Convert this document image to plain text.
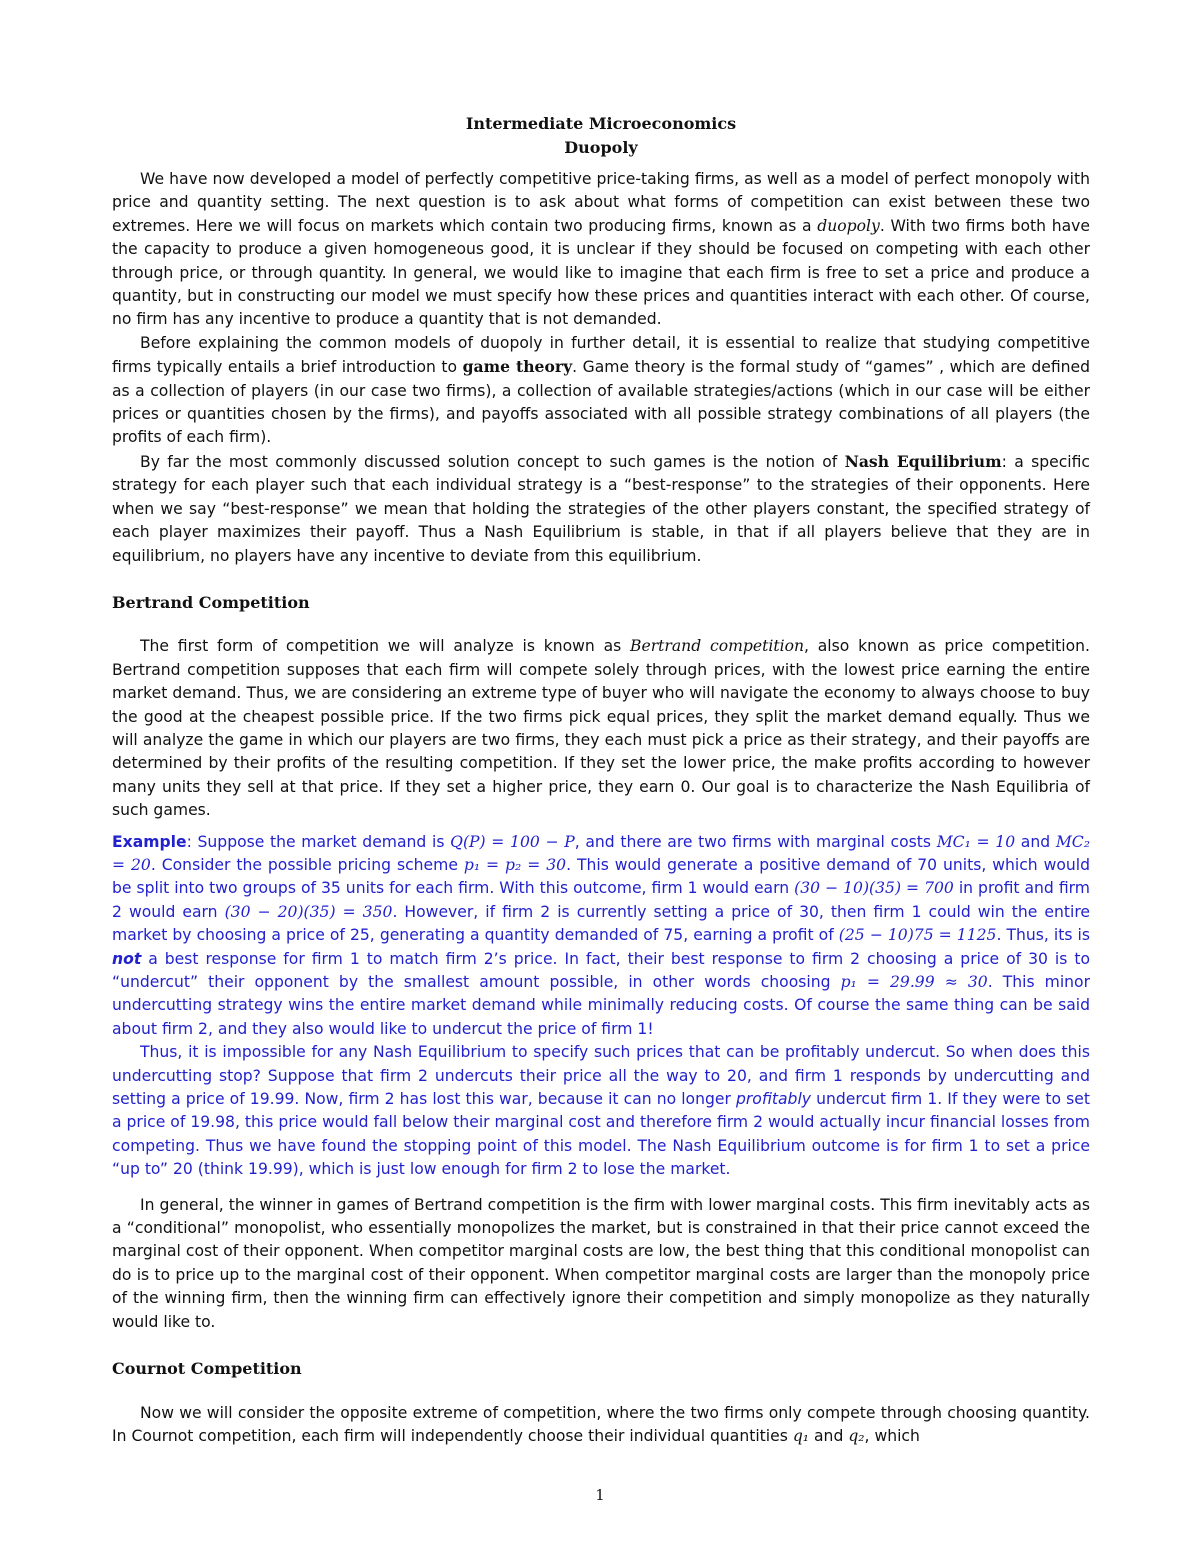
Intermediate Microeconomics
Duopoly

We have now developed a model of perfectly competitive price-taking firms, as well as a model of perfect monopoly with price and quantity setting. The next question is to ask about what forms of competition can exist between these two extremes. Here we will focus on markets which contain two producing firms, known as a duopoly. With two firms both have the capacity to produce a given homogeneous good, it is unclear if they should be focused on competing with each other through price, or through quantity. In general, we would like to imagine that each firm is free to set a price and produce a quantity, but in constructing our model we must specify how these prices and quantities interact with each other. Of course, no firm has any incentive to produce a quantity that is not demanded.

Before explaining the common models of duopoly in further detail, it is essential to realize that studying competitive firms typically entails a brief introduction to game theory. Game theory is the formal study of “games” , which are defined as a collection of players (in our case two firms), a collection of available strategies/actions (which in our case will be either prices or quantities chosen by the firms), and payoffs associated with all possible strategy combinations of all players (the profits of each firm).

By far the most commonly discussed solution concept to such games is the notion of Nash Equilibrium: a specific strategy for each player such that each individual strategy is a “best-response” to the strategies of their opponents. Here when we say “best-response” we mean that holding the strategies of the other players constant, the specified strategy of each player maximizes their payoff. Thus a Nash Equilibrium is stable, in that if all players believe that they are in equilibrium, no players have any incentive to deviate from this equilibrium.

Bertrand Competition

The first form of competition we will analyze is known as Bertrand competition, also known as price competition. Bertrand competition supposes that each firm will compete solely through prices, with the lowest price earning the entire market demand. Thus, we are considering an extreme type of buyer who will navigate the economy to always choose to buy the good at the cheapest possible price. If the two firms pick equal prices, they split the market demand equally. Thus we will analyze the game in which our players are two firms, they each must pick a price as their strategy, and their payoffs are determined by their profits of the resulting competition. If they set the lower price, the make profits according to however many units they sell at that price. If they set a higher price, they earn 0. Our goal is to characterize the Nash Equilibria of such games.

Example: Suppose the market demand is Q(P) = 100 − P, and there are two firms with marginal costs MC₁ = 10 and MC₂ = 20. Consider the possible pricing scheme p₁ = p₂ = 30. This would generate a positive demand of 70 units, which would be split into two groups of 35 units for each firm. With this outcome, firm 1 would earn (30 − 10)(35) = 700 in profit and firm 2 would earn (30 − 20)(35) = 350. However, if firm 2 is currently setting a price of 30, then firm 1 could win the entire market by choosing a price of 25, generating a quantity demanded of 75, earning a profit of (25 − 10)75 = 1125. Thus, its is not a best response for firm 1 to match firm 2’s price. In fact, their best response to firm 2 choosing a price of 30 is to “undercut” their opponent by the smallest amount possible, in other words choosing p₁ = 29.99 ≈ 30. This minor undercutting strategy wins the entire market demand while minimally reducing costs. Of course the same thing can be said about firm 2, and they also would like to undercut the price of firm 1!

Thus, it is impossible for any Nash Equilibrium to specify such prices that can be profitably undercut. So when does this undercutting stop? Suppose that firm 2 undercuts their price all the way to 20, and firm 1 responds by undercutting and setting a price of 19.99. Now, firm 2 has lost this war, because it can no longer profitably undercut firm 1. If they were to set a price of 19.98, this price would fall below their marginal cost and therefore firm 2 would actually incur financial losses from competing. Thus we have found the stopping point of this model. The Nash Equilibrium outcome is for firm 1 to set a price “up to” 20 (think 19.99), which is just low enough for firm 2 to lose the market.

In general, the winner in games of Bertrand competition is the firm with lower marginal costs. This firm inevitably acts as a “conditional” monopolist, who essentially monopolizes the market, but is constrained in that their price cannot exceed the marginal cost of their opponent. When competitor marginal costs are low, the best thing that this conditional monopolist can do is to price up to the marginal cost of their opponent. When competitor marginal costs are larger than the monopoly price of the winning firm, then the winning firm can effectively ignore their competition and simply monopolize as they naturally would like to.

Cournot Competition

Now we will consider the opposite extreme of competition, where the two firms only compete through choosing quantity. In Cournot competition, each firm will independently choose their individual quantities q₁ and q₂, which

1
